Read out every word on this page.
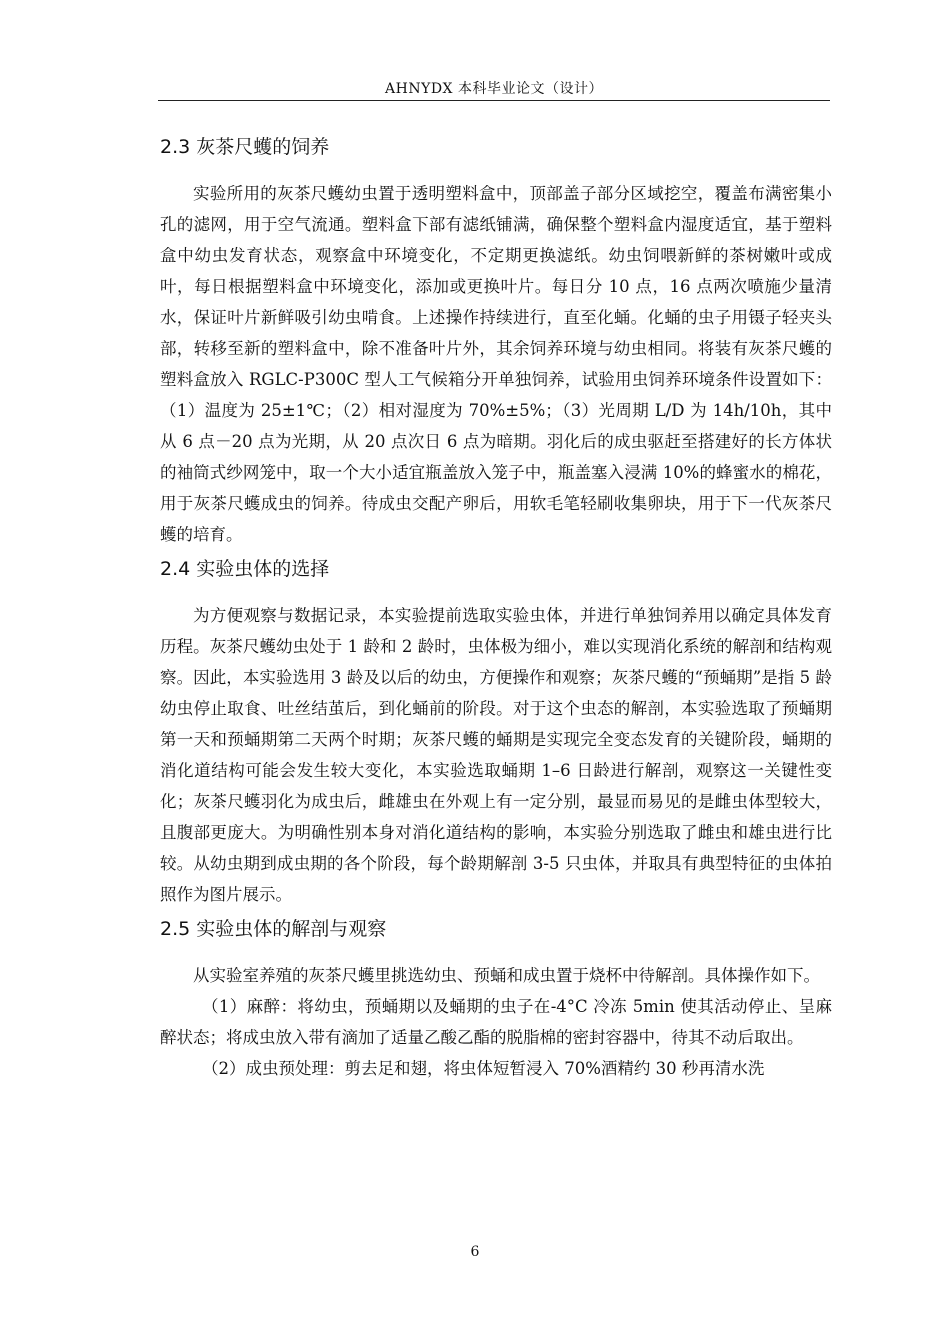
AHNYDX 本科毕业论文（设计）
2.3 灰茶尺蠖的饲养

实验所用的灰茶尺蠖幼虫置于透明塑料盒中，顶部盖子部分区域挖空，覆盖布满密集小孔的滤网，用于空气流通。塑料盒下部有滤纸铺满，确保整个塑料盒内湿度适宜，基于塑料盒中幼虫发育状态，观察盒中环境变化，不定期更换滤纸。幼虫饲喂新鲜的茶树嫩叶或成叶，每日根据塑料盒中环境变化，添加或更换叶片。每日分 10 点，16 点两次喷施少量清水，保证叶片新鲜吸引幼虫啃食。上述操作持续进行，直至化蛹。化蛹的虫子用镊子轻夹头部，转移至新的塑料盒中，除不准备叶片外，其余饲养环境与幼虫相同。将装有灰茶尺蠖的塑料盒放入 RGLC-P300C 型人工气候箱分开单独饲养，试验用虫饲养环境条件设置如下：（1）温度为 25±1℃；（2）相对湿度为 70%±5%；（3）光周期 L/D 为 14h/10h，其中从 6 点－20 点为光期，从 20 点次日 6 点为暗期。羽化后的成虫驱赶至搭建好的长方体状的袖筒式纱网笼中，取一个大小适宜瓶盖放入笼子中，瓶盖塞入浸满 10%的蜂蜜水的棉花，用于灰茶尺蠖成虫的饲养。待成虫交配产卵后，用软毛笔轻刷收集卵块，用于下一代灰茶尺蠖的培育。

2.4 实验虫体的选择

为方便观察与数据记录，本实验提前选取实验虫体，并进行单独饲养用以确定具体发育历程。灰茶尺蠖幼虫处于 1 龄和 2 龄时，虫体极为细小，难以实现消化系统的解剖和结构观察。因此，本实验选用 3 龄及以后的幼虫，方便操作和观察；灰茶尺蠖的“预蛹期”是指 5 龄幼虫停止取食、吐丝结茧后，到化蛹前的阶段。对于这个虫态的解剖，本实验选取了预蛹期第一天和预蛹期第二天两个时期；灰茶尺蠖的蛹期是实现完全变态发育的关键阶段，蛹期的消化道结构可能会发生较大变化，本实验选取蛹期 1–6 日龄进行解剖，观察这一关键性变化；灰茶尺蠖羽化为成虫后，雌雄虫在外观上有一定分别，最显而易见的是雌虫体型较大，且腹部更庞大。为明确性别本身对消化道结构的影响，本实验分别选取了雌虫和雄虫进行比较。从幼虫期到成虫期的各个阶段，每个龄期解剖 3-5 只虫体，并取具有典型特征的虫体拍照作为图片展示。

2.5 实验虫体的解剖与观察

从实验室养殖的灰茶尺蠖里挑选幼虫、预蛹和成虫置于烧杯中待解剖。具体操作如下。

（1）麻醉：将幼虫，预蛹期以及蛹期的虫子在-4°C 冷冻 5min 使其活动停止、呈麻醉状态；将成虫放入带有滴加了适量乙酸乙酯的脱脂棉的密封容器中，待其不动后取出。

（2）成虫预处理：剪去足和翅，将虫体短暂浸入 70%酒精约 30 秒再清水洗

6
